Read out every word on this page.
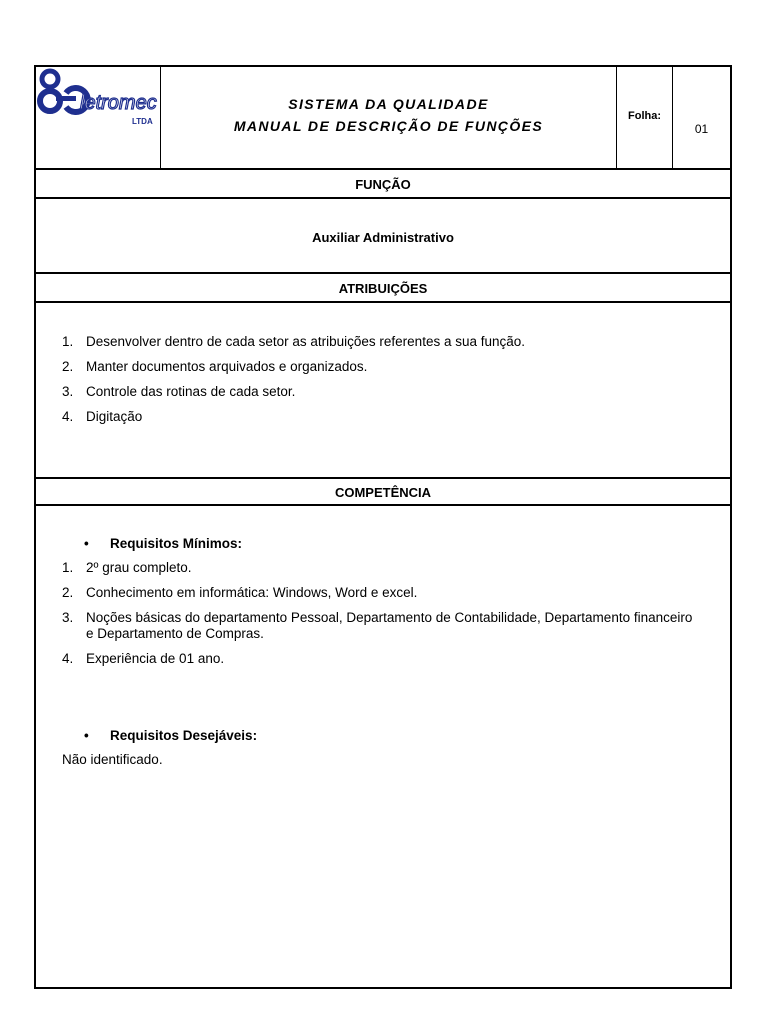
letromec
LTDA
SISTEMA DA QUALIDADE
MANUAL DE DESCRIÇÃO DE FUNÇÕES
Folha:
01
FUNÇÃO
Auxiliar Administrativo
ATRIBUIÇÕES
1. Desenvolver dentro de cada setor as atribuições referentes a sua função.
2. Manter documentos arquivados e organizados.
3. Controle das rotinas de cada setor.
4. Digitação
COMPETÊNCIA
• Requisitos Mínimos:
1. 2º grau completo.
2. Conhecimento em informática: Windows, Word e excel.
3. Noções básicas do departamento Pessoal, Departamento de Contabilidade, Departamento financeiro e Departamento de Compras.
4. Experiência de 01 ano.
• Requisitos Desejáveis:
Não identificado.
